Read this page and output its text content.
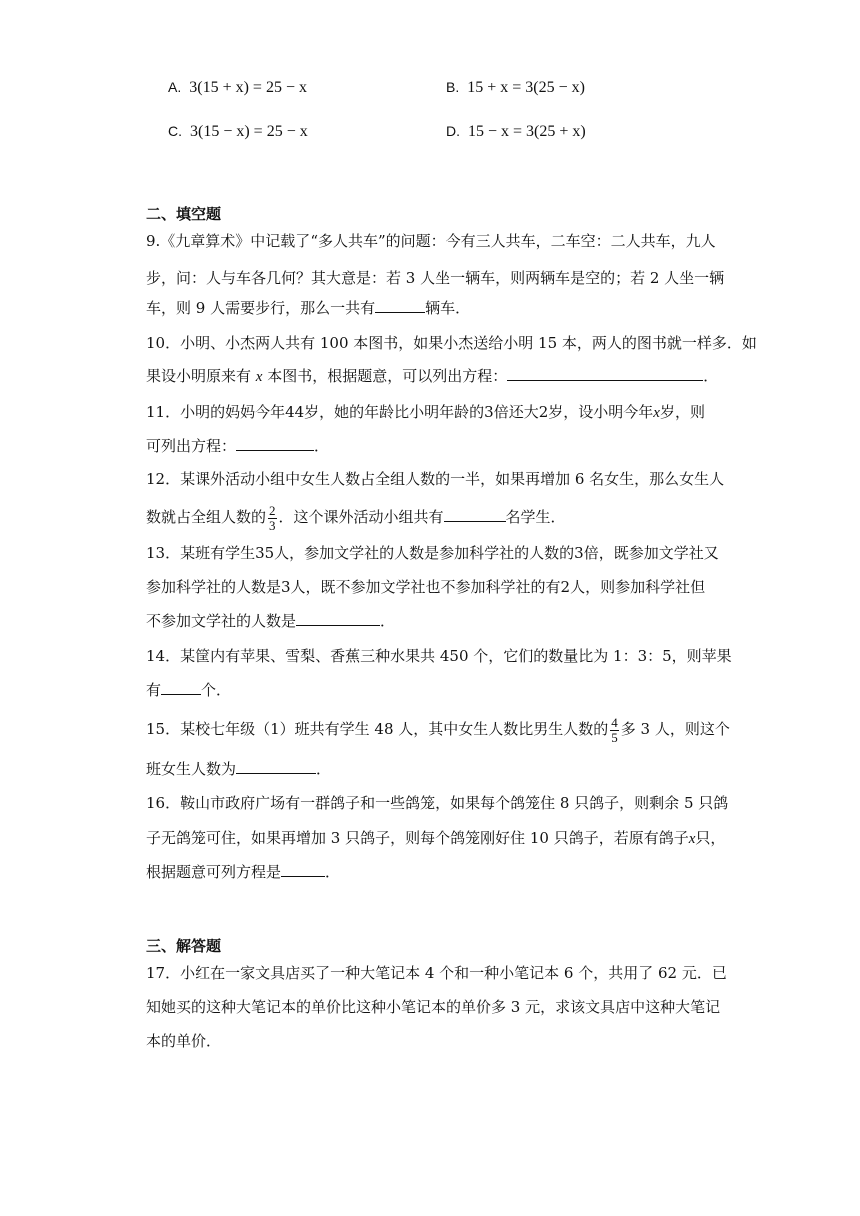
A. 3(15 + x) = 25 − x	B. 15 + x = 3(25 − x)
C. 3(15 − x) = 25 − x	D. 15 − x = 3(25 + x)
二、填空题
9.《九章算术》中记载了“多人共车”的问题：今有三人共车，二车空：二人共车，九人
步，问：人与车各几何？其大意是：若 3 人坐一辆车，则两辆车是空的；若 2 人坐一辆
车，则 9 人需要步行，那么一共有	辆车．
10．小明、小杰两人共有 100 本图书，如果小杰送给小明 15 本，两人的图书就一样多．如
果设小明原来有 x 本图书，根据题意，可以列出方程：	．
11．小明的妈妈今年44岁，她的年龄比小明年龄的3倍还大2岁，设小明今年x岁，则
可列出方程：	．
12．某课外活动小组中女生人数占全组人数的一半，如果再增加 6 名女生，那么女生人
数就占全组人数的 $\frac{2}{3}$ ．这个课外活动小组共有	名学生．
13．某班有学生35人，参加文学社的人数是参加科学社的人数的3倍，既参加文学社又
参加科学社的人数是3人，既不参加文学社也不参加科学社的有2人，则参加科学社但
不参加文学社的人数是	．
14．某筐内有苹果、雪梨、香蕉三种水果共 450 个，它们的数量比为 1：3：5，则苹果
有	个．
15．某校七年级（1）班共有学生 48 人，其中女生人数比男生人数的 $\frac{4}{5}$ 多 3 人，则这个
班女生人数为	．
16．鞍山市政府广场有一群鸽子和一些鸽笼，如果每个鸽笼住 8 只鸽子，则剩余 5 只鸽
子无鸽笼可住，如果再增加 3 只鸽子，则每个鸽笼刚好住 10 只鸽子，若原有鸽子x只，
根据题意可列方程是	．
三、解答题
17．小红在一家文具店买了一种大笔记本 4 个和一种小笔记本 6 个，共用了 62 元．已
知她买的这种大笔记本的单价比这种小笔记本的单价多 3 元，求该文具店中这种大笔记
本的单价．
